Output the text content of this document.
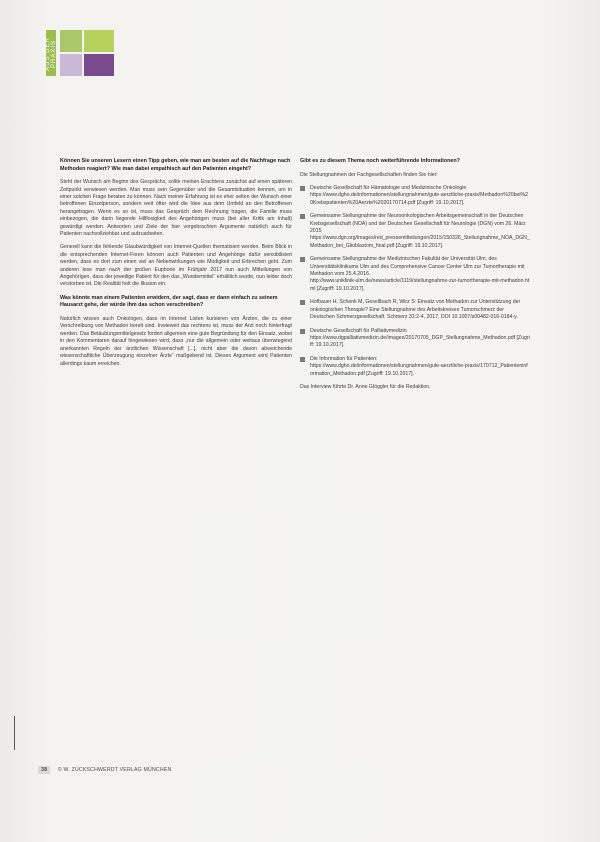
AUS DER PRAXIS
Können Sie unseren Lesern einen Tipp geben, wie man am besten auf die Nachfrage nach Methoden reagiert? Wie man dabei empathisch auf den Patienten eingeht?
Steht der Wunsch am Beginn des Gesprächs, sollte meinen Erachtens zunächst auf einen späteren Zeitpunkt verwiesen werden. Man muss sein Gegenüber und die Gesamtsituation kennen, um in einer solchen Frage beraten zu können. Nach meiner Erfahrung ist es eher selten der Wunsch einer betroffenen Einzelperson, sondern weit öfter wird die Idee aus dem Umfeld an den Betroffenen herangetragen. Wenn es so ist, muss das Gespräch dem Rechnung tragen, die Familie muss einbezogen, die darin liegende Hilflosigkeit des Angehörigen muss (bei aller Kritik am Inhalt) gewürdigt werden. Antworten und Ziele der hier vorgebrachten Argumente natürlich auch für Patienten nachvollziehbar und aufzuarbeiten.
Generell kann die fehlende Glaubwürdigkeit von Internet-Quellen thematisiert werden. Beim Blick in die entsprechenden Internet-Foren können auch Patienten und Angehörige dafür sensibilisiert werden, dass es dort zum einen viel an Nebenwirkungen wie Müdigkeit und Erbrechen geht. Zum anderen lese man nach der großen Euphorie im Frühjahr 2017 nun auch Mitteilungen von Angehörigen, dass der jeweilige Patient für den das „Wundermittel“ erhältlich wurde, nun leider doch verstorben ist. Die Realität holt die Illusion ein.
Was könnte man einem Patienten erwidern, der sagt, dass er dann einfach zu seinem Hausarzt gehe, der würde ihm das schon verschreiben?
Natürlich wissen auch Onkologen, dass im Internet Listen kursieren von Ärzten, die zu einer Verschreibung von Methadon bereit sind. Inwieweit das rechtens ist, muss der Arzt noch hinterfragt werden. Das Betäubungsmittelgesetz fordert allgemein eine gute Begründung für den Einsatz, wobei in den Kommentaren darauf hingewiesen wird, dass „nur die allgemein oder weitaus überwiegend anerkannten Regeln der ärztlichen Wissenschaft [...], nicht aber die davon abweichende wissenschaftliche Überzeugung einzelner Ärzte“ maßgebend ist. Dieses Argument wird Patienten allerdings kaum erreichen.
Gibt es zu diesem Thema noch weiterführende Informationen?
Die Stellungnahmen der Fachgesellschaften finden Sie hier:
Deutsche Gesellschaft für Hämatologie und Medizinische Onkologie
https://www.dgho.de/informationen/stellungnahmen/gute-aerztliche-praxis/Methadon%20bei%20Krebspatienten%20Aerzte%2020170714.pdf [Zugriff: 19.10.2017].
Gemeinsame Stellungnahme der Neuroonkologischen Arbeitsgemeinschaft in der Deutschen Krebsgesellschaft (NOA) und der Deutschen Gesellschaft für Neurologie (DGN) vom 26. März 2015
https://www.dgn.org/images/red_pressemitteilungen/2015/150326_Stellungnahme_NOA_DGN_Methadon_bei_Glioblastom_final.pdf [Zugriff: 19.10.2017].
Gemeinsame Stellungnahme der Medizinischen Fakultät der Universität Ulm, des Universitätsklinikums Ulm und des Comprehensive Cancer Center Ulm zur Tumortherapie mit Methadon vom 25.4.2016.
http://www.uniklinik-ulm.de/news/article/1119/stellungnahme-zur-tumortherapie-mit-methadon.html [Zugriff: 19.10.2017].
Hofbauer H, Schenk M, Gesellbach R, Wirz S: Einsatz von Methadon zur Unterstützung der onkologischen Therapie? Eine Stellungnahme des Arbeitskreises Tumorschmerz der Deutschen Schmerzgesellschaft. Schmerz 31:2-4, 2017, DOI 10.1007/s00482-016-0184-y.
Deutsche Gesellschaft für Palliativmedizin
https://www.dgpalliativmedizin.de/images/20170705_DGP_Stellungnahme_Methadon.pdf [Zugriff: 19.10.2017].
Die Information für Patienten:
https://www.dgho.de/informationen/stellungnahmen/gute-aerztliche-praxis/170712_Patienteninformation_Methadon.pdf [Zugriff: 19.10.2017].
Das Interview führte Dr. Anne Glöggler für die Redaktion.
38 © W. ZUCKSCHWERDT VERLAG MÜNCHEN
